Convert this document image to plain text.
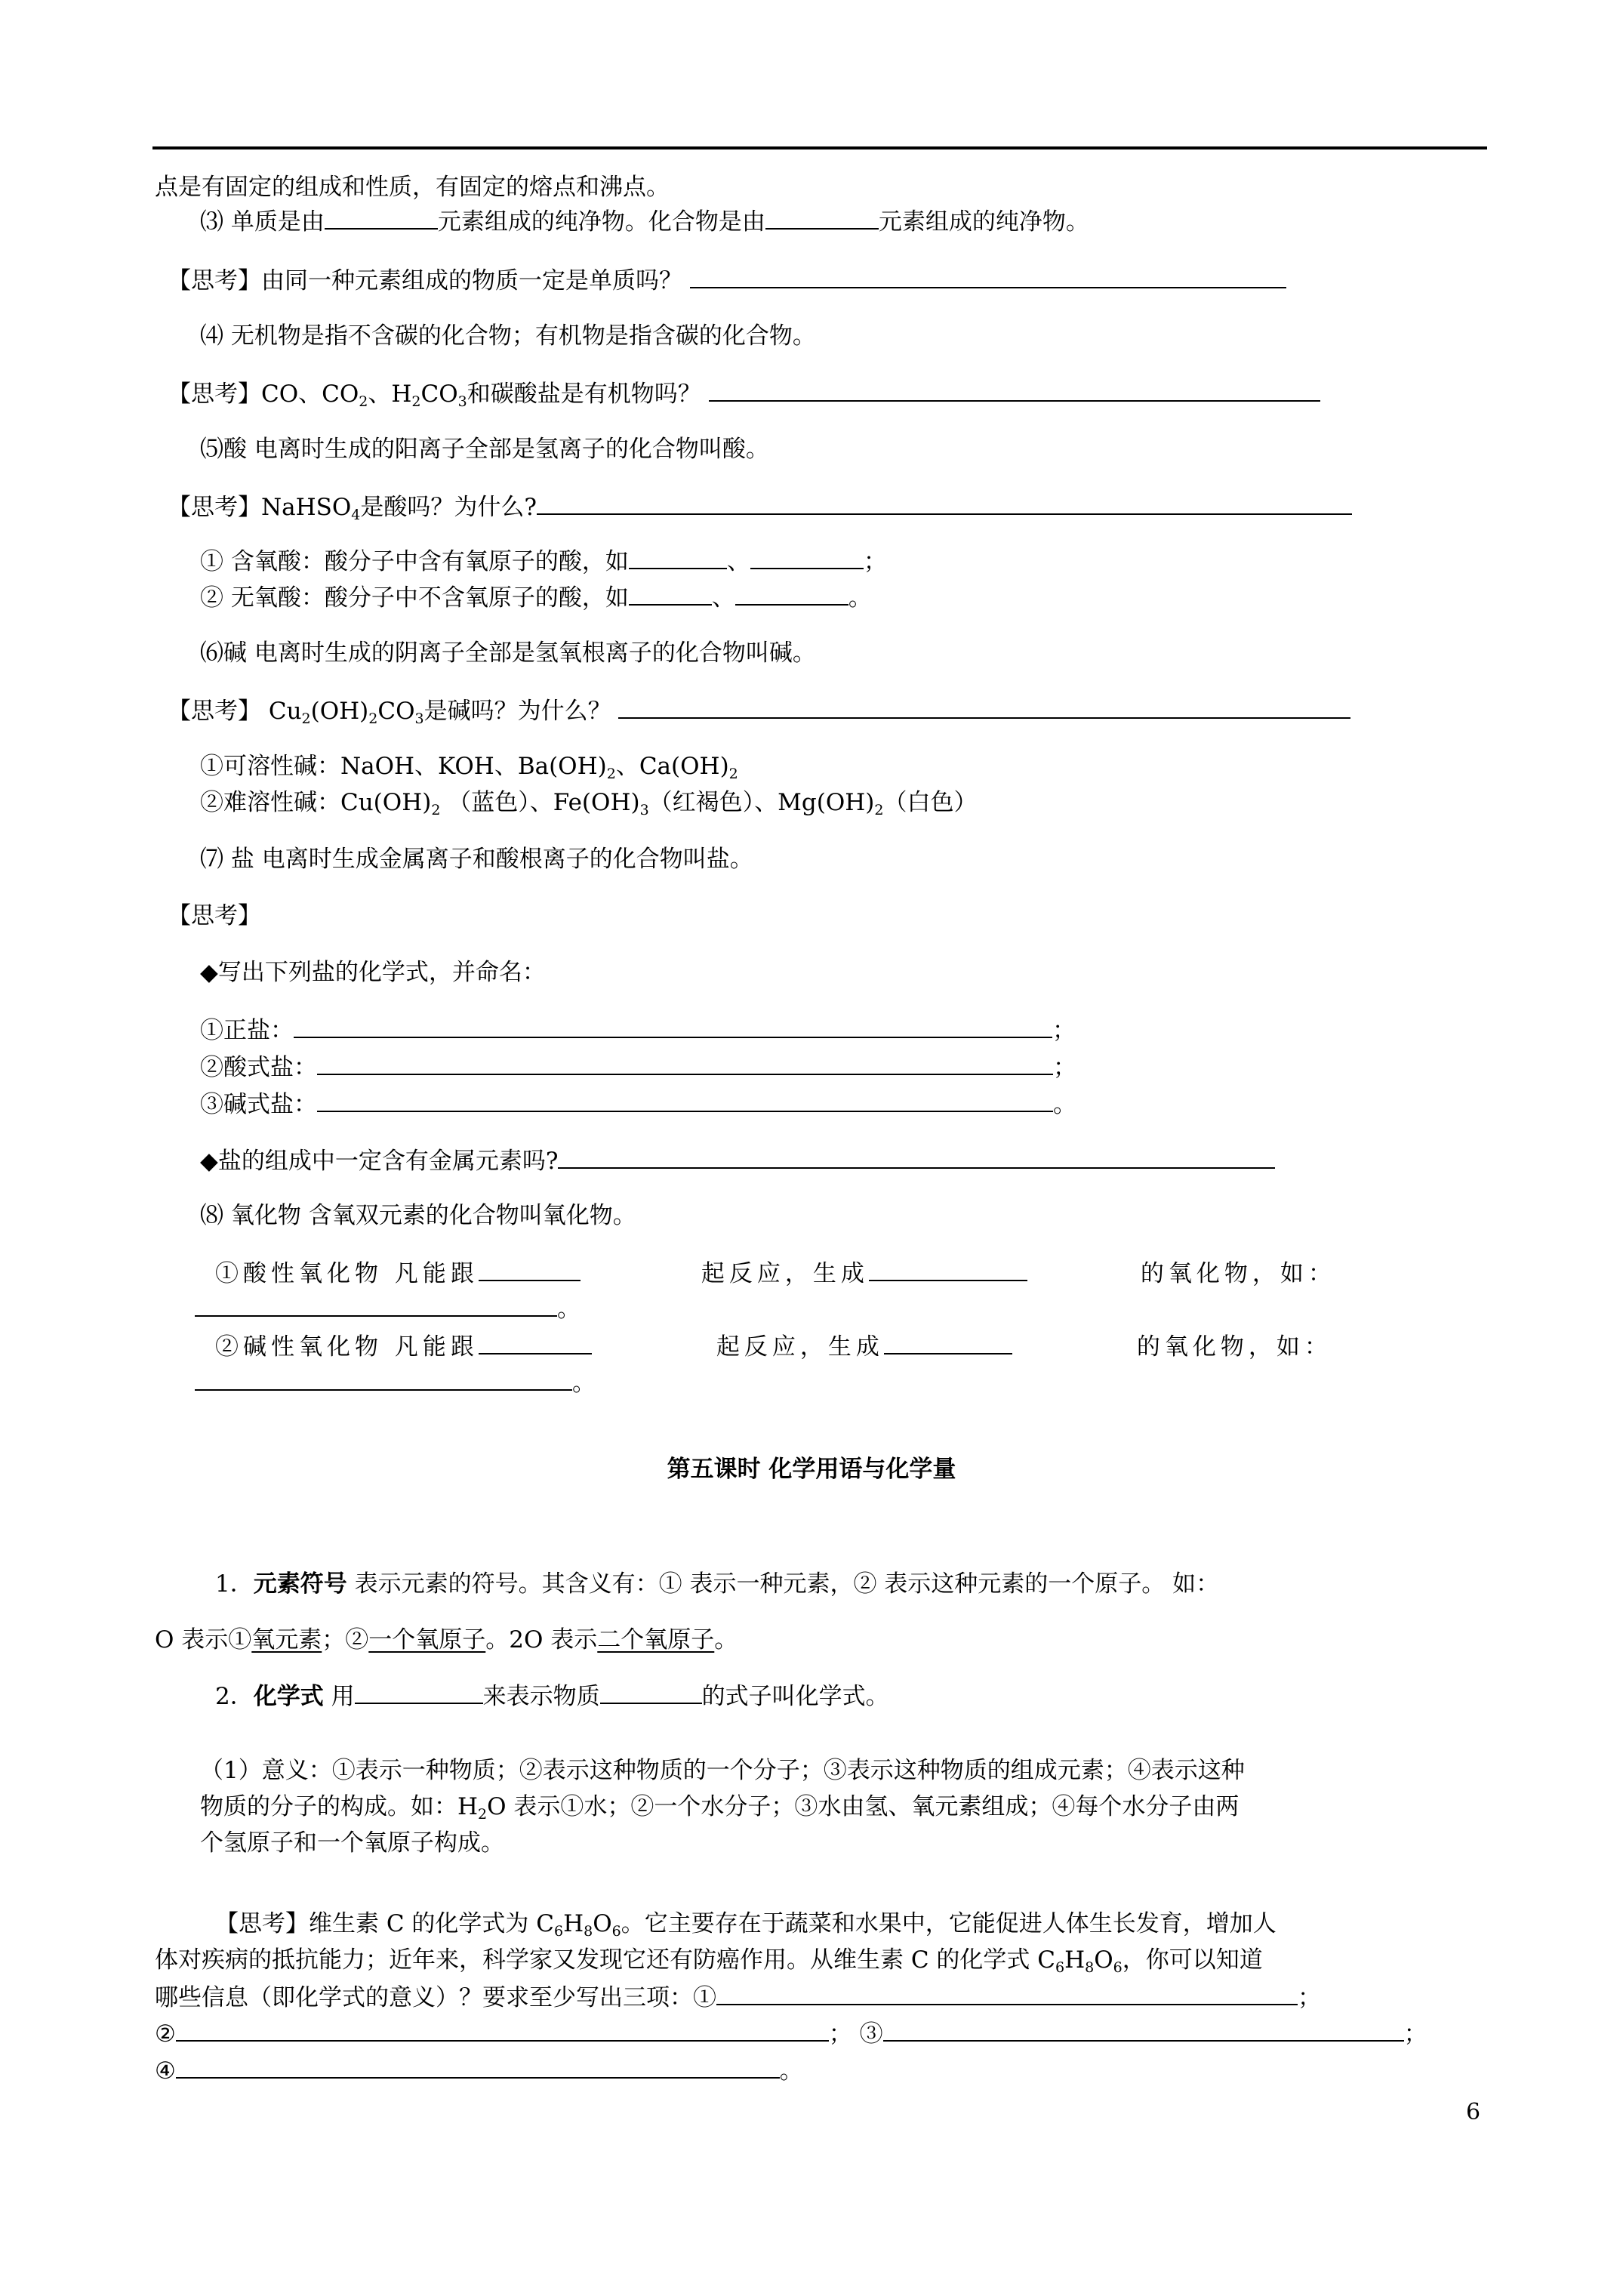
点是有固定的组成和性质，有固定的熔点和沸点。
⑶ 单质是由	元素组成的纯净物。化合物是由	元素组成的纯净物。
【思考】由同一种元素组成的物质一定是单质吗？
⑷ 无机物是指不含碳的化合物；有机物是指含碳的化合物。
【思考】CO、$CO_2$、$H_2CO_3$和碳酸盐是有机物吗？
⑸酸 电离时生成的阳离子全部是氢离子的化合物叫酸。
【思考】NaHSO$_4$是酸吗？为什么?
① 含氧酸：酸分子中含有氧原子的酸，如	、	；
② 无氧酸：酸分子中不含氧原子的酸，如	、	。
⑹碱 电离时生成的阴离子全部是氢氧根离子的化合物叫碱。
【思考】 $Cu_2(OH)_2CO_3$是碱吗？为什么？
①可溶性碱：NaOH、KOH、$Ba(OH)_2$、$Ca(OH)_2$
②难溶性碱：$Cu(OH)_2$ （蓝色）、$Fe(OH)_3$（红褐色）、$Mg(OH)_2$（白色）
⑺ 盐 电离时生成金属离子和酸根离子的化合物叫盐。
【思考】
◆写出下列盐的化学式，并命名：
①正盐：	；
②酸式盐：	；
③碱式盐：	。
◆盐的组成中一定含有金属元素吗?
⑻ 氧化物 含氧双元素的化合物叫氧化物。
①酸性氧化物 凡能跟	起反应，生成	的氧化物，如：
。
②碱性氧化物 凡能跟	起反应，生成	的氧化物，如：
。
第五课时 化学用语与化学量
1．元素符号 表示元素的符号。其含义有：① 表示一种元素，② 表示这种元素的一个原子。 如：
O 表示①氧元素；②一个氧原子。2O 表示二个氧原子。
2．化学式 用	来表示物质	的式子叫化学式。
（1）意义：①表示一种物质；②表示这种物质的一个分子；③表示这种物质的组成元素；④表示这种
物质的分子的构成。如：$H_2O$ 表示①水；②一个水分子；③水由氢、氧元素组成；④每个水分子由两
个氢原子和一个氧原子构成。
【思考】维生素 C 的化学式为 $C_6H_8O_6$。它主要存在于蔬菜和水果中，它能促进人体生长发育，增加人
体对疾病的抵抗能力；近年来，科学家又发现它还有防癌作用。从维生素 C 的化学式 $C_6H_8O_6$，你可以知道
哪些信息（即化学式的意义）？要求至少写出三项：①	；
②	； ③	；
④	。
6
